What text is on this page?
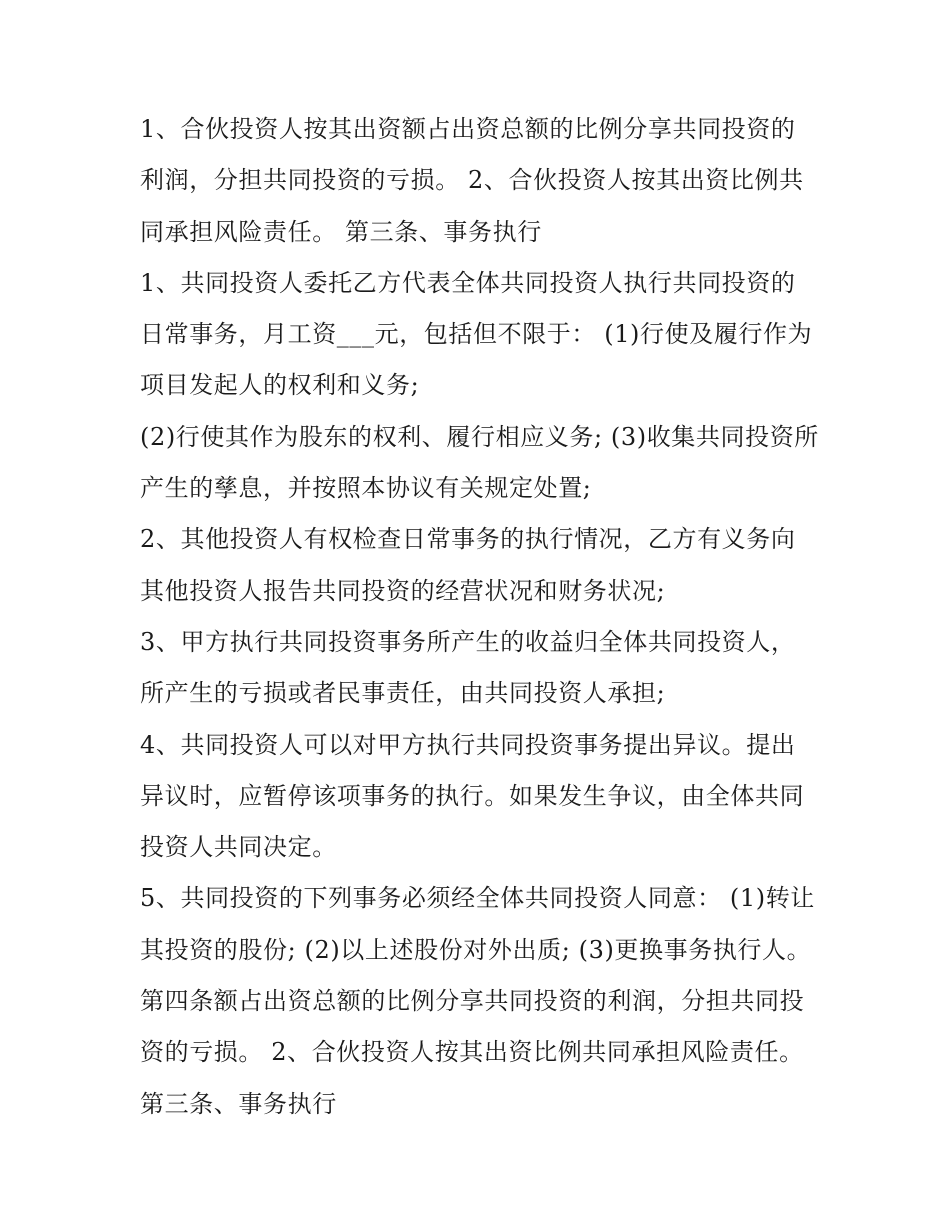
1、合伙投资人按其出资额占出资总额的比例分享共同投资的
利润，分担共同投资的亏损。 2、合伙投资人按其出资比例共
同承担风险责任。 第三条、事务执行
1、共同投资人委托乙方代表全体共同投资人执行共同投资的
日常事务，月工资___元，包括但不限于： (1)行使及履行作为
项目发起人的权利和义务;
(2)行使其作为股东的权利、履行相应义务; (3)收集共同投资所
产生的孳息，并按照本协议有关规定处置;
2、其他投资人有权检查日常事务的执行情况，乙方有义务向
其他投资人报告共同投资的经营状况和财务状况;
3、甲方执行共同投资事务所产生的收益归全体共同投资人，
所产生的亏损或者民事责任，由共同投资人承担;
4、共同投资人可以对甲方执行共同投资事务提出异议。提出
异议时，应暂停该项事务的执行。如果发生争议，由全体共同
投资人共同决定。
5、共同投资的下列事务必须经全体共同投资人同意： (1)转让
其投资的股份; (2)以上述股份对外出质; (3)更换事务执行人。
第四条额占出资总额的比例分享共同投资的利润，分担共同投
资的亏损。 2、合伙投资人按其出资比例共同承担风险责任。
第三条、事务执行
